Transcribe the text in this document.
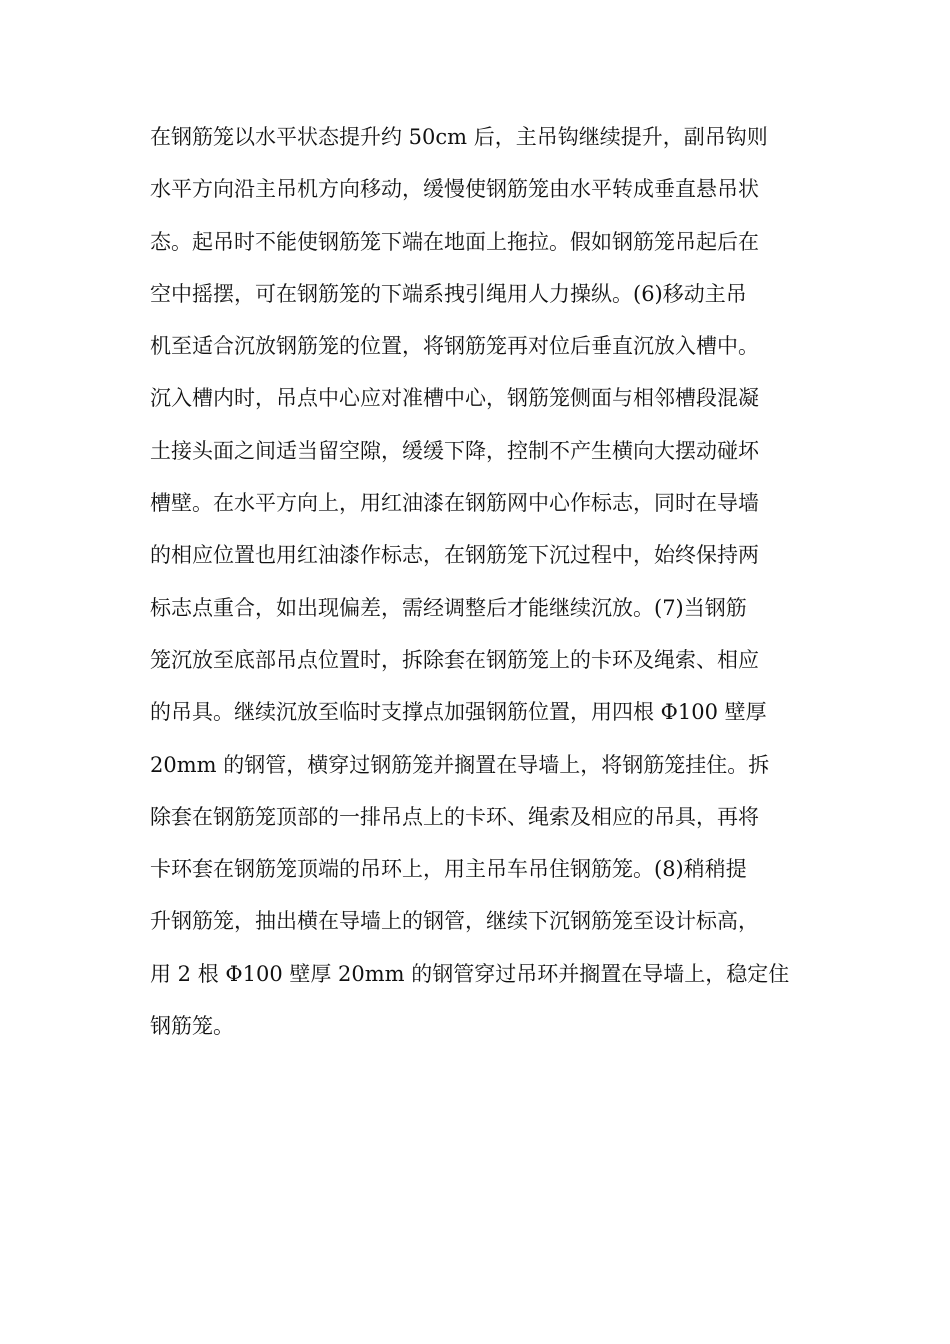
在钢筋笼以水平状态提升约 50cm 后，主吊钩继续提升，副吊钩则
水平方向沿主吊机方向移动，缓慢使钢筋笼由水平转成垂直悬吊状
态。起吊时不能使钢筋笼下端在地面上拖拉。假如钢筋笼吊起后在
空中摇摆，可在钢筋笼的下端系拽引绳用人力操纵。(6)移动主吊
机至适合沉放钢筋笼的位置，将钢筋笼再对位后垂直沉放入槽中。
沉入槽内时，吊点中心应对准槽中心，钢筋笼侧面与相邻槽段混凝
土接头面之间适当留空隙，缓缓下降，控制不产生横向大摆动碰坏
槽壁。在水平方向上，用红油漆在钢筋网中心作标志，同时在导墙
的相应位置也用红油漆作标志，在钢筋笼下沉过程中，始终保持两
标志点重合，如出现偏差，需经调整后才能继续沉放。(7)当钢筋
笼沉放至底部吊点位置时，拆除套在钢筋笼上的卡环及绳索、相应
的吊具。继续沉放至临时支撑点加强钢筋位置，用四根 Φ100 壁厚
20mm 的钢管，横穿过钢筋笼并搁置在导墙上，将钢筋笼挂住。拆
除套在钢筋笼顶部的一排吊点上的卡环、绳索及相应的吊具，再将
卡环套在钢筋笼顶端的吊环上，用主吊车吊住钢筋笼。(8)稍稍提
升钢筋笼，抽出横在导墙上的钢管，继续下沉钢筋笼至设计标高，
用 2 根 Φ100 壁厚 20mm 的钢管穿过吊环并搁置在导墙上，稳定住
钢筋笼。
